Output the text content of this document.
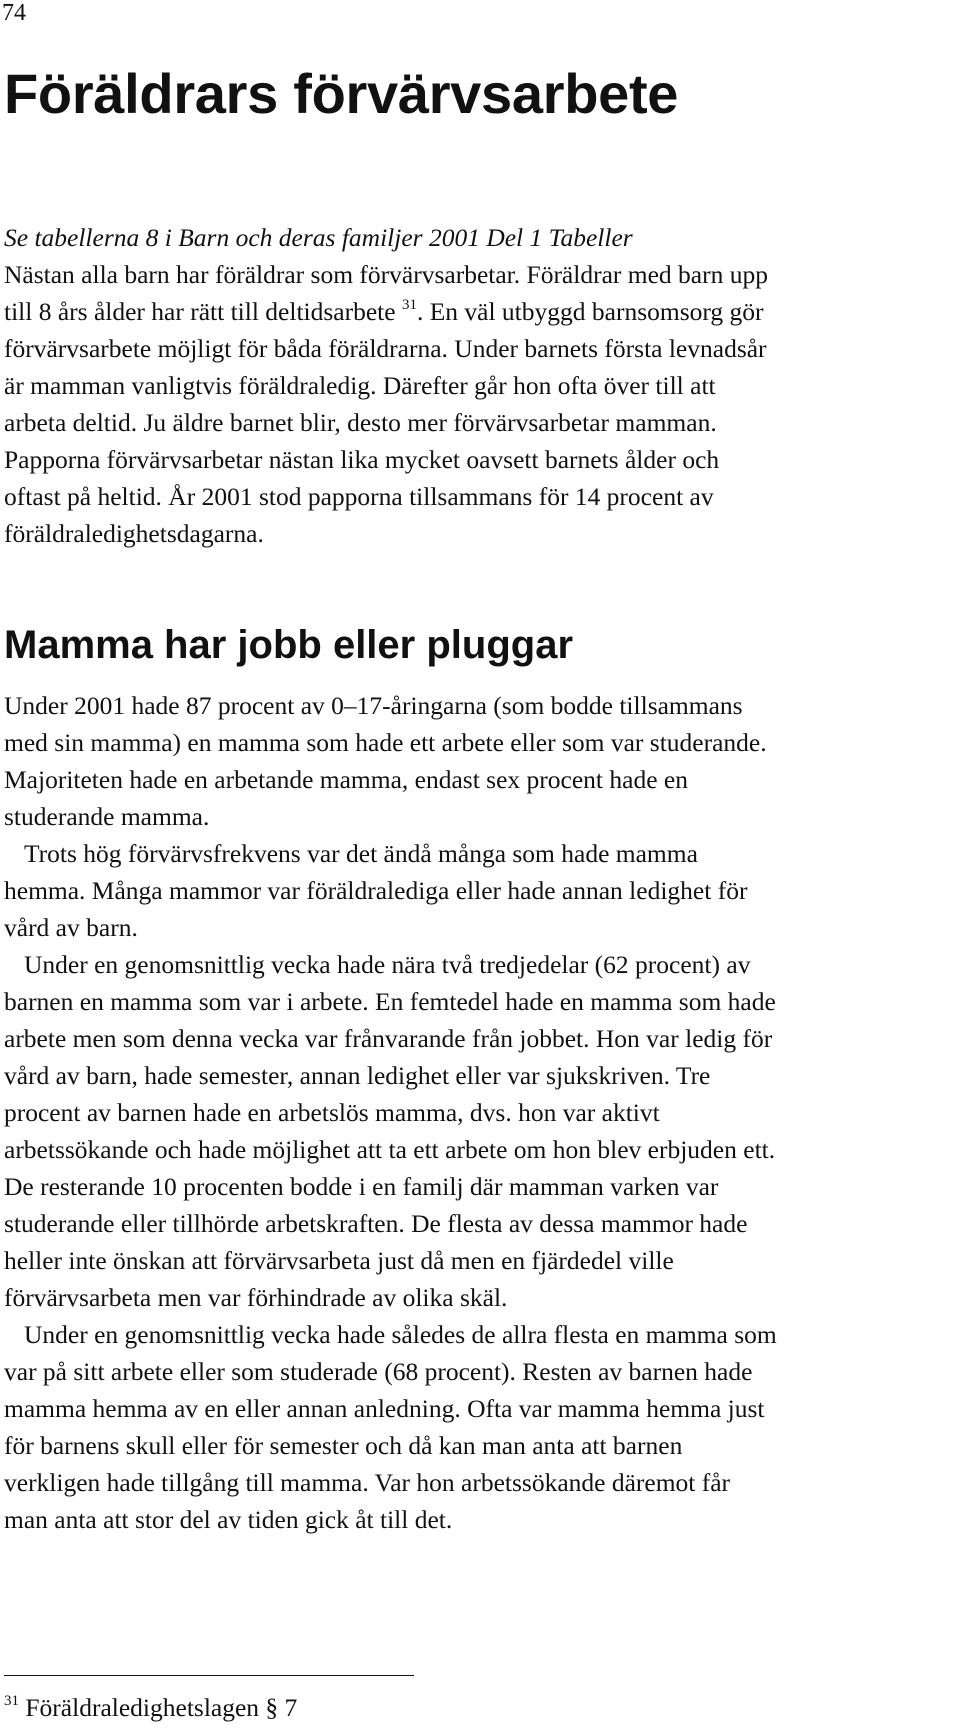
74
Föräldrars förvärvsarbete
Se tabellerna 8 i Barn och deras familjer 2001 Del 1 Tabeller
Nästan alla barn har föräldrar som förvärvsarbetar. Föräldrar med barn upp
till 8 års ålder har rätt till deltidsarbete $^{31}$. En väl utbyggd barnsomsorg gör
förvärvsarbete möjligt för båda föräldrarna. Under barnets första levnadsår
är mamman vanligtvis föräldraledig. Därefter går hon ofta över till att
arbeta deltid. Ju äldre barnet blir, desto mer förvärvsarbetar mamman.
Papporna förvärvsarbetar nästan lika mycket oavsett barnets ålder och
oftast på heltid. År 2001 stod papporna tillsammans för 14 procent av
föräldraledighetsdagarna.
Mamma har jobb eller pluggar
Under 2001 hade 87 procent av 0–17-åringarna (som bodde tillsammans
med sin mamma) en mamma som hade ett arbete eller som var studerande.
Majoriteten hade en arbetande mamma, endast sex procent hade en
studerande mamma.
Trots hög förvärvsfrekvens var det ändå många som hade mamma
hemma. Många mammor var föräldralediga eller hade annan ledighet för
vård av barn.
Under en genomsnittlig vecka hade nära två tredjedelar (62 procent) av
barnen en mamma som var i arbete. En femtedel hade en mamma som hade
arbete men som denna vecka var frånvarande från jobbet. Hon var ledig för
vård av barn, hade semester, annan ledighet eller var sjukskriven. Tre
procent av barnen hade en arbetslös mamma, dvs. hon var aktivt
arbetssökande och hade möjlighet att ta ett arbete om hon blev erbjuden ett.
De resterande 10 procenten bodde i en familj där mamman varken var
studerande eller tillhörde arbetskraften. De flesta av dessa mammor hade
heller inte önskan att förvärvsarbeta just då men en fjärdedel ville
förvärvsarbeta men var förhindrade av olika skäl.
Under en genomsnittlig vecka hade således de allra flesta en mamma som
var på sitt arbete eller som studerade (68 procent). Resten av barnen hade
mamma hemma av en eller annan anledning. Ofta var mamma hemma just
för barnens skull eller för semester och då kan man anta att barnen
verkligen hade tillgång till mamma. Var hon arbetssökande däremot får
man anta att stor del av tiden gick åt till det.

$^{31}$ Föräldraledighetslagen § 7
